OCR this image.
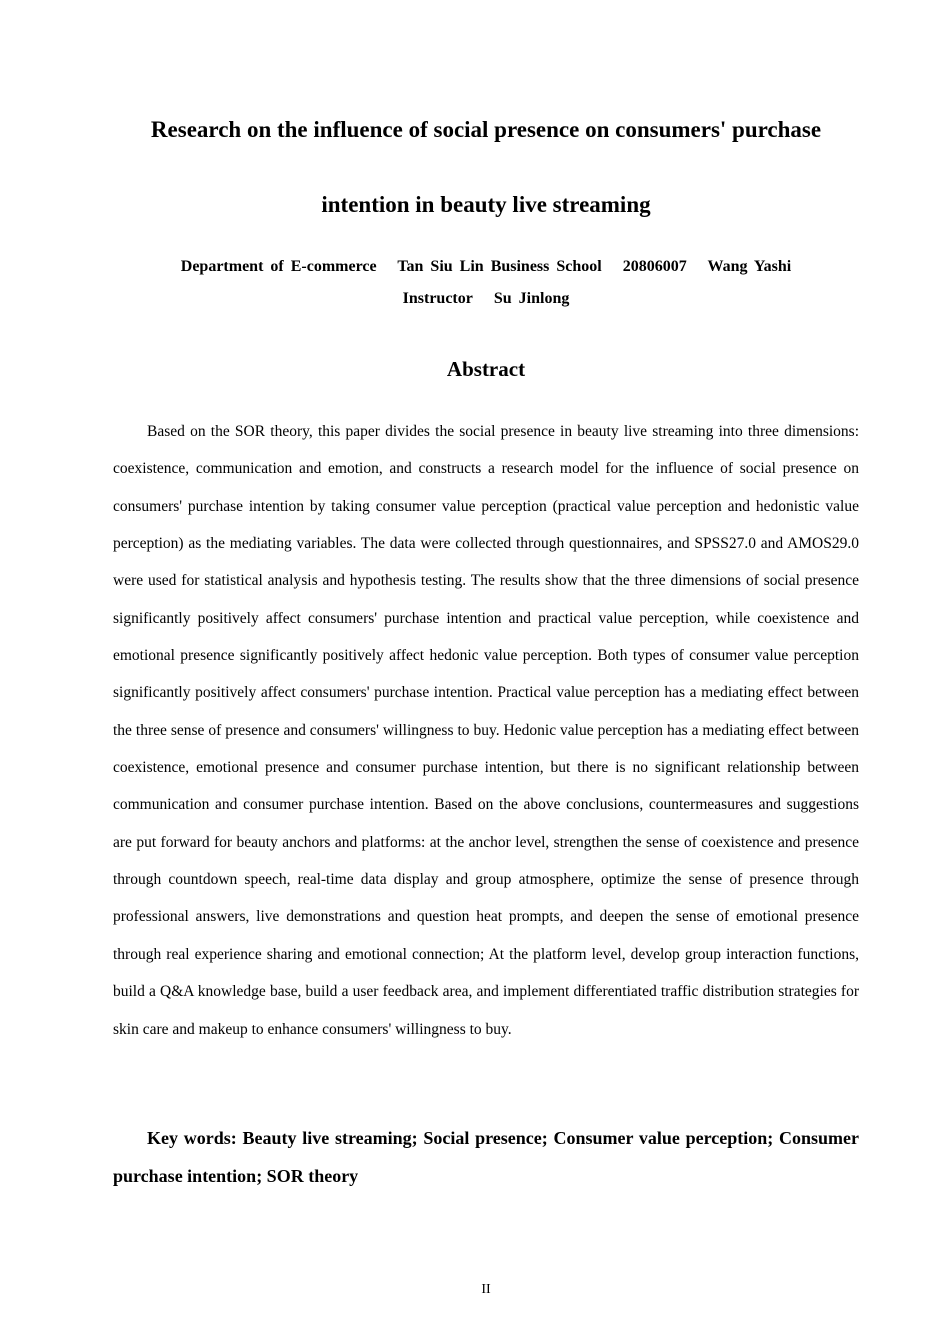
Research on the influence of social presence on consumers' purchase intention in beauty live streaming

Department of E-commerce Tan Siu Lin Business School 20806007 Wang Yashi

Instructor Su Jinlong

Abstract

Based on the SOR theory, this paper divides the social presence in beauty live streaming into three dimensions: coexistence, communication and emotion, and constructs a research model for the influence of social presence on consumers' purchase intention by taking consumer value perception (practical value perception and hedonistic value perception) as the mediating variables. The data were collected through questionnaires, and SPSS27.0 and AMOS29.0 were used for statistical analysis and hypothesis testing. The results show that the three dimensions of social presence significantly positively affect consumers' purchase intention and practical value perception, while coexistence and emotional presence significantly positively affect hedonic value perception. Both types of consumer value perception significantly positively affect consumers' purchase intention. Practical value perception has a mediating effect between the three sense of presence and consumers' willingness to buy. Hedonic value perception has a mediating effect between coexistence, emotional presence and consumer purchase intention, but there is no significant relationship between communication and consumer purchase intention. Based on the above conclusions, countermeasures and suggestions are put forward for beauty anchors and platforms: at the anchor level, strengthen the sense of coexistence and presence through countdown speech, real-time data display and group atmosphere, optimize the sense of presence through professional answers, live demonstrations and question heat prompts, and deepen the sense of emotional presence through real experience sharing and emotional connection; At the platform level, develop group interaction functions, build a Q&A knowledge base, build a user feedback area, and implement differentiated traffic distribution strategies for skin care and makeup to enhance consumers' willingness to buy.

Key words: Beauty live streaming; Social presence; Consumer value perception; Consumer purchase intention; SOR theory

II
